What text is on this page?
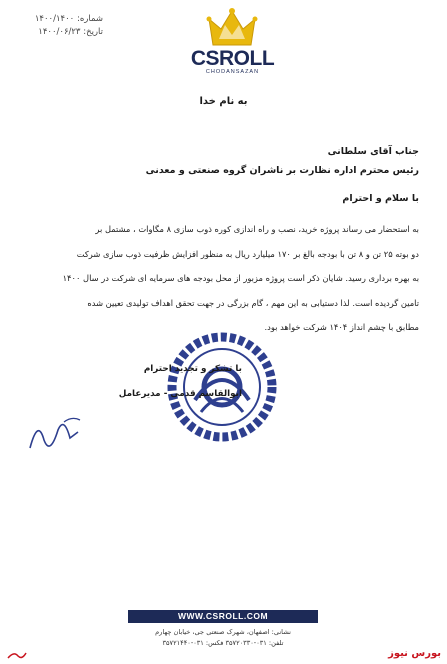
شماره: ۱۴۰۰/۱۴۰۰
تاریخ: ۱۴۰۰/۰۶/۲۳
CSROLL
CHODANSAZAN
به نام خدا
جناب آقای سلطانی
رئیس محترم اداره نظارت بر ناشران گروه صنعتی و معدنی
با سلام و احترام
به استحضار می رساند پروژه خرید، نصب و راه اندازی کوره ذوب سازی ۸ مگاوات ، مشتمل بر
دو بوته ۲۵ تن و ۸ تن با بودجه بالغ بر ۱۷۰ میلیارد ریال به منظور افزایش ظرفیت ذوب سازی شرکت
به بهره برداری رسید. شایان ذکر است پروژه مزبور از محل بودجه های سرمایه ای شرکت در سال ۱۴۰۰
تامین گردیده است. لذا دستیابی به این مهم ، گام بزرگی در جهت تحقق اهداف تولیدی تعیین شده
مطابق با چشم انداز ۱۴۰۴ شرکت خواهد بود.
با تشکر و تجدید احترام
ابوالقاسم قدمی - مدیرعامل
WWW.CSROLL.COM
نشانی: اصفهان، شهرک صنعتی جی، خیابان چهارم
تلفن: ۰۳۱-۳۵۷۲۰۳۳۰ فکس: ۰۳۱-۳۵۷۲۱۴۴۰
بورس نیوز
